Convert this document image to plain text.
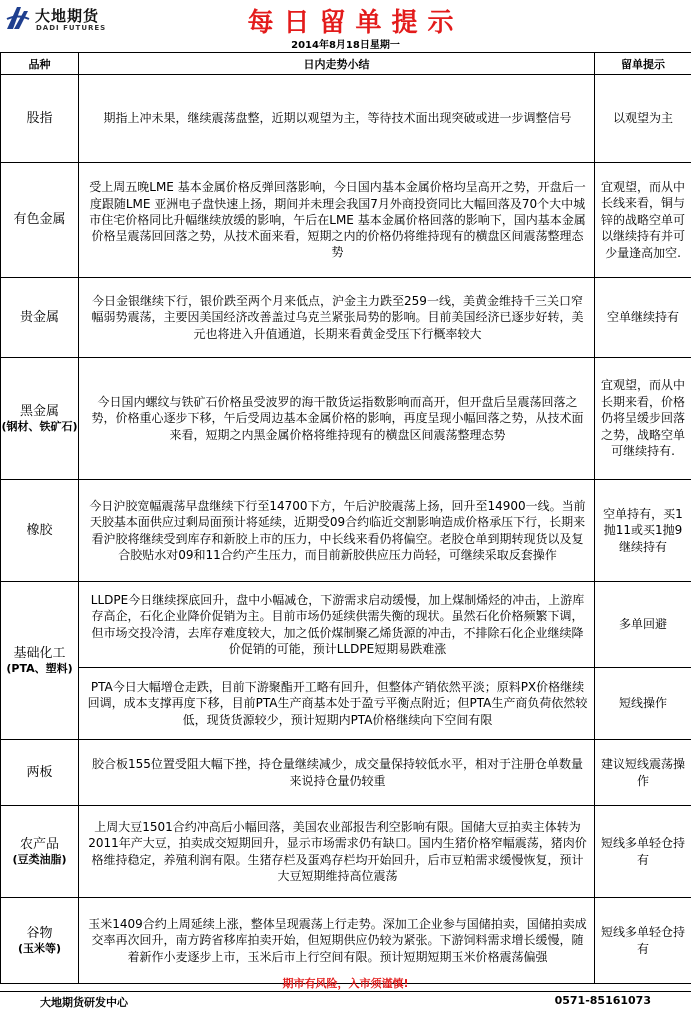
大地期货
DADI FUTURES	每日留单提示
2014年8月18日星期一
品种	日内走势小结	留单提示

股指	期指上冲未果，继续震荡盘整，近期以观望为主，等待技术面出现突破或进一步调整信号	以观望为主

有色金属	受上周五晚LME 基本金属价格反弹回落影响，今日国内基本金属价格均呈高开之势，开盘后一度跟随LME 亚洲电子盘快速上扬，期间并未理会我国7月外商投资同比大幅回落及70个大中城市住宅价格同比升幅继续放缓的影响，午后在LME 基本金属价格回落的影响下，国内基本金属价格呈震荡回回落之势，从技术面来看，短期之内的价格仍将维持现有的横盘区间震荡整理态势	宜观望，而从中长线来看，铜与锌的战略空单可以继续持有并可少量逢高加空.

贵金属	今日金银继续下行，银价跌至两个月来低点，沪金主力跌至259一线，美黄金维持千三关口窄幅弱势震荡，主要因美国经济改善盖过乌克兰紧张局势的影响。目前美国经济已逐步好转，美元也将进入升值通道，长期来看黄金受压下行概率较大	空单继续持有

黑金属
(钢材、铁矿石)	今日国内螺纹与铁矿石价格虽受波罗的海干散货运指数影响而高开，但开盘后呈震荡回落之势，价格重心逐步下移，午后受周边基本金属价格的影响，再度呈现小幅回落之势，从技术面来看，短期之内黑金属价格将维持现有的横盘区间震荡整理态势	宜观望，而从中长期来看，价格仍将呈缓步回落之势，战略空单可继续持有.

橡胶	今日沪胶宽幅震荡早盘继续下行至14700下方，午后沪胶震荡上扬，回升至14900一线。当前天胶基本面供应过剩局面预计将延续，近期受09合约临近交割影响造成价格承压下行，长期来看沪胶将继续受到库存和新胶上市的压力，中长线来看仍将偏空。老胶仓单到期转现货以及复合胶贴水对09和11合约产生压力，而目前新胶供应压力尚轻，可继续采取反套操作	空单持有，买1抛11或买1抛9继续持有

基础化工
(PTA、塑料)	LLDPE今日继续探底回升，盘中小幅减仓，下游需求启动缓慢，加上煤制烯烃的冲击，上游库存高企，石化企业降价促销为主。目前市场仍延续供需失衡的现状。虽然石化价格频繁下调，但市场交投冷清，去库存难度较大，加之低价煤制聚乙烯货源的冲击，不排除石化企业继续降价促销的可能，预计LLDPE短期易跌难涨	多单回避
	PTA今日大幅增仓走跌，目前下游聚酯开工略有回升，但整体产销依然平淡；原料PX价格继续回调，成本支撑再度下移，目前PTA生产商基本处于盈亏平衡点附近；但PTA生产商负荷依然较低，现货货源较少，预计短期内PTA价格继续向下空间有限	短线操作

两板	胶合板155位置受阻大幅下挫，持仓量继续减少，成交量保持较低水平，相对于注册仓单数量来说持仓量仍较重	建议短线震荡操作

农产品
(豆类油脂)	上周大豆1501合约冲高后小幅回落，美国农业部报告利空影响有限。国储大豆拍卖主体转为2011年产大豆，拍卖成交短期回升，显示市场需求仍有缺口。国内生猪价格窄幅震荡，猪肉价格维持稳定，养殖利润有限。生猪存栏及蛋鸡存栏均开始回升，后市豆粕需求缓慢恢复，预计大豆短期维持高位震荡	短线多单轻仓持有

谷物
(玉米等)	玉米1409合约上周延续上涨，整体呈现震荡上行走势。深加工企业参与国储拍卖，国储拍卖成交率再次回升，南方跨省移库拍卖开始，但短期供应仍较为紧张。下游饲料需求增长缓慢，随着新作小麦逐步上市，玉米后市上行空间有限。预计短期短期玉米价格震荡偏强	短线多单轻仓持有
期市有风险，入市须谨慎!
大地期货研发中心	0571-85161073
